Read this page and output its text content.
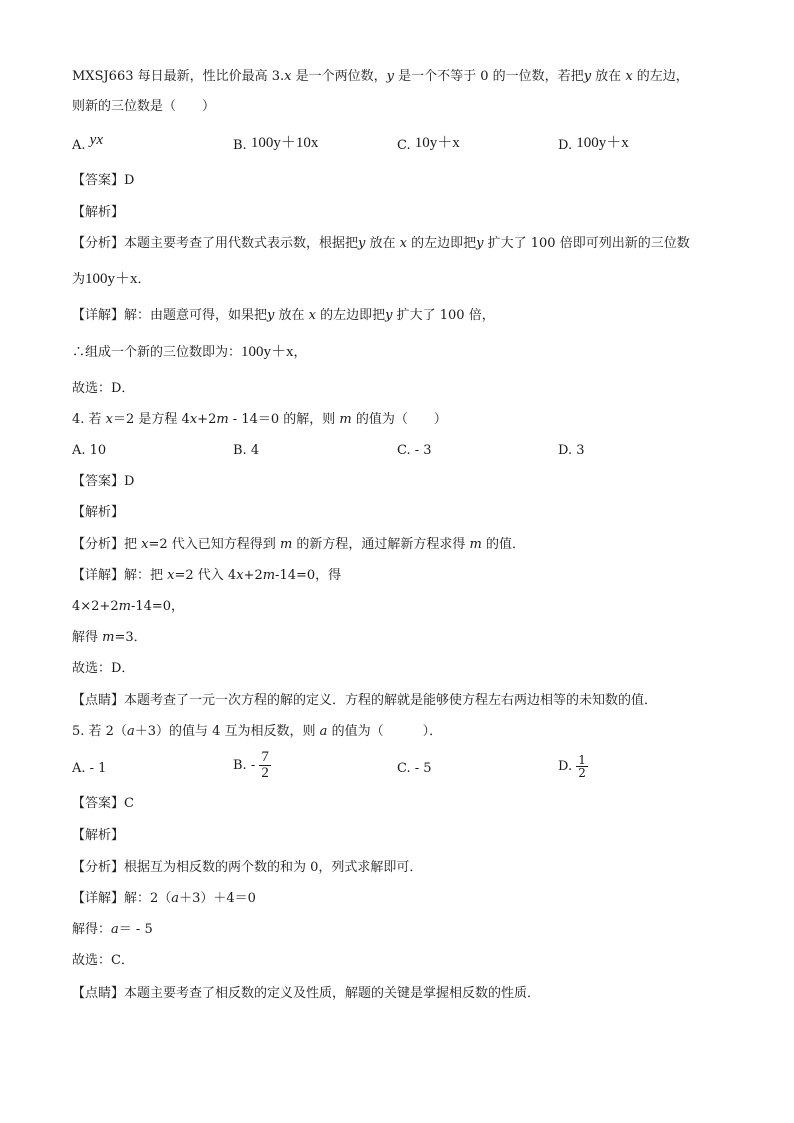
MXSJ663 每日最新，性比价最高 3.x 是一个两位数，y 是一个不等于 0 的一位数，若把y 放在 x 的左边，
则新的三位数是（　　）
A. yx	B. 100y＋10x	C. 10y＋x	D. 100y＋x
【答案】D
【解析】
【分析】本题主要考查了用代数式表示数，根据把y 放在 x 的左边即把y 扩大了 100 倍即可列出新的三位数
为100y＋x．
【详解】解：由题意可得，如果把y 放在 x 的左边即把y 扩大了 100 倍，
∴组成一个新的三位数即为：100y＋x，
故选：D．
4. 若 x＝2 是方程 4x+2m - 14＝0 的解，则 m 的值为（　　）
A. 10	B. 4	C. - 3	D. 3
【答案】D
【解析】
【分析】把 x=2 代入已知方程得到 m 的新方程，通过解新方程求得 m 的值．
【详解】解：把 x=2 代入 4x+2m-14=0，得
4×2+2m-14=0，
解得 m=3．
故选：D．
【点睛】本题考查了一元一次方程的解的定义．方程的解就是能够使方程左右两边相等的未知数的值．
5. 若 2（a＋3）的值与 4 互为相反数，则 a 的值为（　　　）．
A. - 1	B. - $\frac{7}{2}$	C. - 5	D. $\frac{1}{2}$
【答案】C
【解析】
【分析】根据互为相反数的两个数的和为 0，列式求解即可．
【详解】解：2（a＋3）＋4＝0
解得：a＝ - 5
故选：C．
【点睛】本题主要考查了相反数的定义及性质，解题的关键是掌握相反数的性质．
